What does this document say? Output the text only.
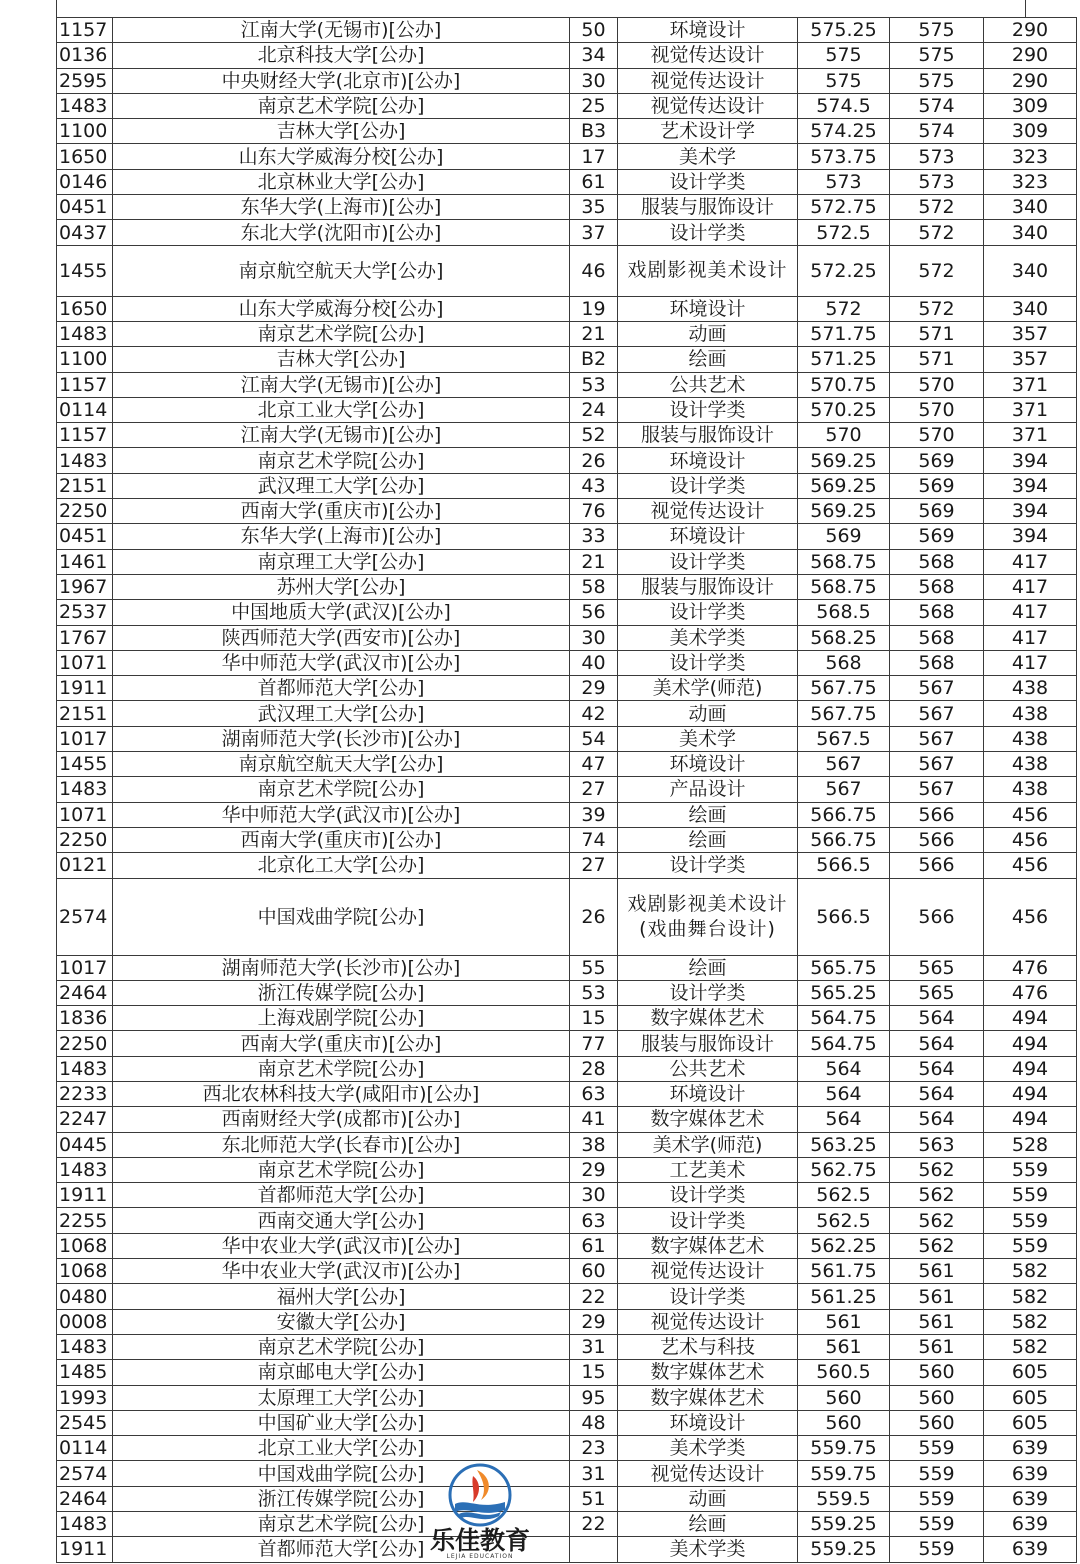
1157	江南大学(无锡市)[公办]	50	环境设计	575.25	575	290
0136	北京科技大学[公办]	34	视觉传达设计	575	575	290
2595	中央财经大学(北京市)[公办]	30	视觉传达设计	575	575	290
1483	南京艺术学院[公办]	25	视觉传达设计	574.5	574	309
1100	吉林大学[公办]	B3	艺术设计学	574.25	574	309
1650	山东大学威海分校[公办]	17	美术学	573.75	573	323
0146	北京林业大学[公办]	61	设计学类	573	573	323
0451	东华大学(上海市)[公办]	35	服装与服饰设计	572.75	572	340
0437	东北大学(沈阳市)[公办]	37	设计学类	572.5	572	340
1455	南京航空航天大学[公办]	46	戏剧影视美术设计	572.25	572	340
1650	山东大学威海分校[公办]	19	环境设计	572	572	340
1483	南京艺术学院[公办]	21	动画	571.75	571	357
1100	吉林大学[公办]	B2	绘画	571.25	571	357
1157	江南大学(无锡市)[公办]	53	公共艺术	570.75	570	371
0114	北京工业大学[公办]	24	设计学类	570.25	570	371
1157	江南大学(无锡市)[公办]	52	服装与服饰设计	570	570	371
1483	南京艺术学院[公办]	26	环境设计	569.25	569	394
2151	武汉理工大学[公办]	43	设计学类	569.25	569	394
2250	西南大学(重庆市)[公办]	76	视觉传达设计	569.25	569	394
0451	东华大学(上海市)[公办]	33	环境设计	569	569	394
1461	南京理工大学[公办]	21	设计学类	568.75	568	417
1967	苏州大学[公办]	58	服装与服饰设计	568.75	568	417
2537	中国地质大学(武汉)[公办]	56	设计学类	568.5	568	417
1767	陕西师范大学(西安市)[公办]	30	美术学类	568.25	568	417
1071	华中师范大学(武汉市)[公办]	40	设计学类	568	568	417
1911	首都师范大学[公办]	29	美术学(师范)	567.75	567	438
2151	武汉理工大学[公办]	42	动画	567.75	567	438
1017	湖南师范大学(长沙市)[公办]	54	美术学	567.5	567	438
1455	南京航空航天大学[公办]	47	环境设计	567	567	438
1483	南京艺术学院[公办]	27	产品设计	567	567	438
1071	华中师范大学(武汉市)[公办]	39	绘画	566.75	566	456
2250	西南大学(重庆市)[公办]	74	绘画	566.75	566	456
0121	北京化工大学[公办]	27	设计学类	566.5	566	456
2574	中国戏曲学院[公办]	26	戏剧影视美术设计(戏曲舞台设计)	566.5	566	456
1017	湖南师范大学(长沙市)[公办]	55	绘画	565.75	565	476
2464	浙江传媒学院[公办]	53	设计学类	565.25	565	476
1836	上海戏剧学院[公办]	15	数字媒体艺术	564.75	564	494
2250	西南大学(重庆市)[公办]	77	服装与服饰设计	564.75	564	494
1483	南京艺术学院[公办]	28	公共艺术	564	564	494
2233	西北农林科技大学(咸阳市)[公办]	63	环境设计	564	564	494
2247	西南财经大学(成都市)[公办]	41	数字媒体艺术	564	564	494
0445	东北师范大学(长春市)[公办]	38	美术学(师范)	563.25	563	528
1483	南京艺术学院[公办]	29	工艺美术	562.75	562	559
1911	首都师范大学[公办]	30	设计学类	562.5	562	559
2255	西南交通大学[公办]	63	设计学类	562.5	562	559
1068	华中农业大学(武汉市)[公办]	61	数字媒体艺术	562.25	562	559
1068	华中农业大学(武汉市)[公办]	60	视觉传达设计	561.75	561	582
0480	福州大学[公办]	22	设计学类	561.25	561	582
0008	安徽大学[公办]	29	视觉传达设计	561	561	582
1483	南京艺术学院[公办]	31	艺术与科技	561	561	582
1485	南京邮电大学[公办]	15	数字媒体艺术	560.5	560	605
1993	太原理工大学[公办]	95	数字媒体艺术	560	560	605
2545	中国矿业大学[公办]	48	环境设计	560	560	605
0114	北京工业大学[公办]	23	美术学类	559.75	559	639
2574	中国戏曲学院[公办]	31	视觉传达设计	559.75	559	639
2464	浙江传媒学院[公办]	51	动画	559.5	559	639
1483	南京艺术学院[公办]	22	绘画	559.25	559	639
1911	首都师范大学[公办]		美术学类	559.25	559	639
乐佳教育
LEJIA EDUCATION
